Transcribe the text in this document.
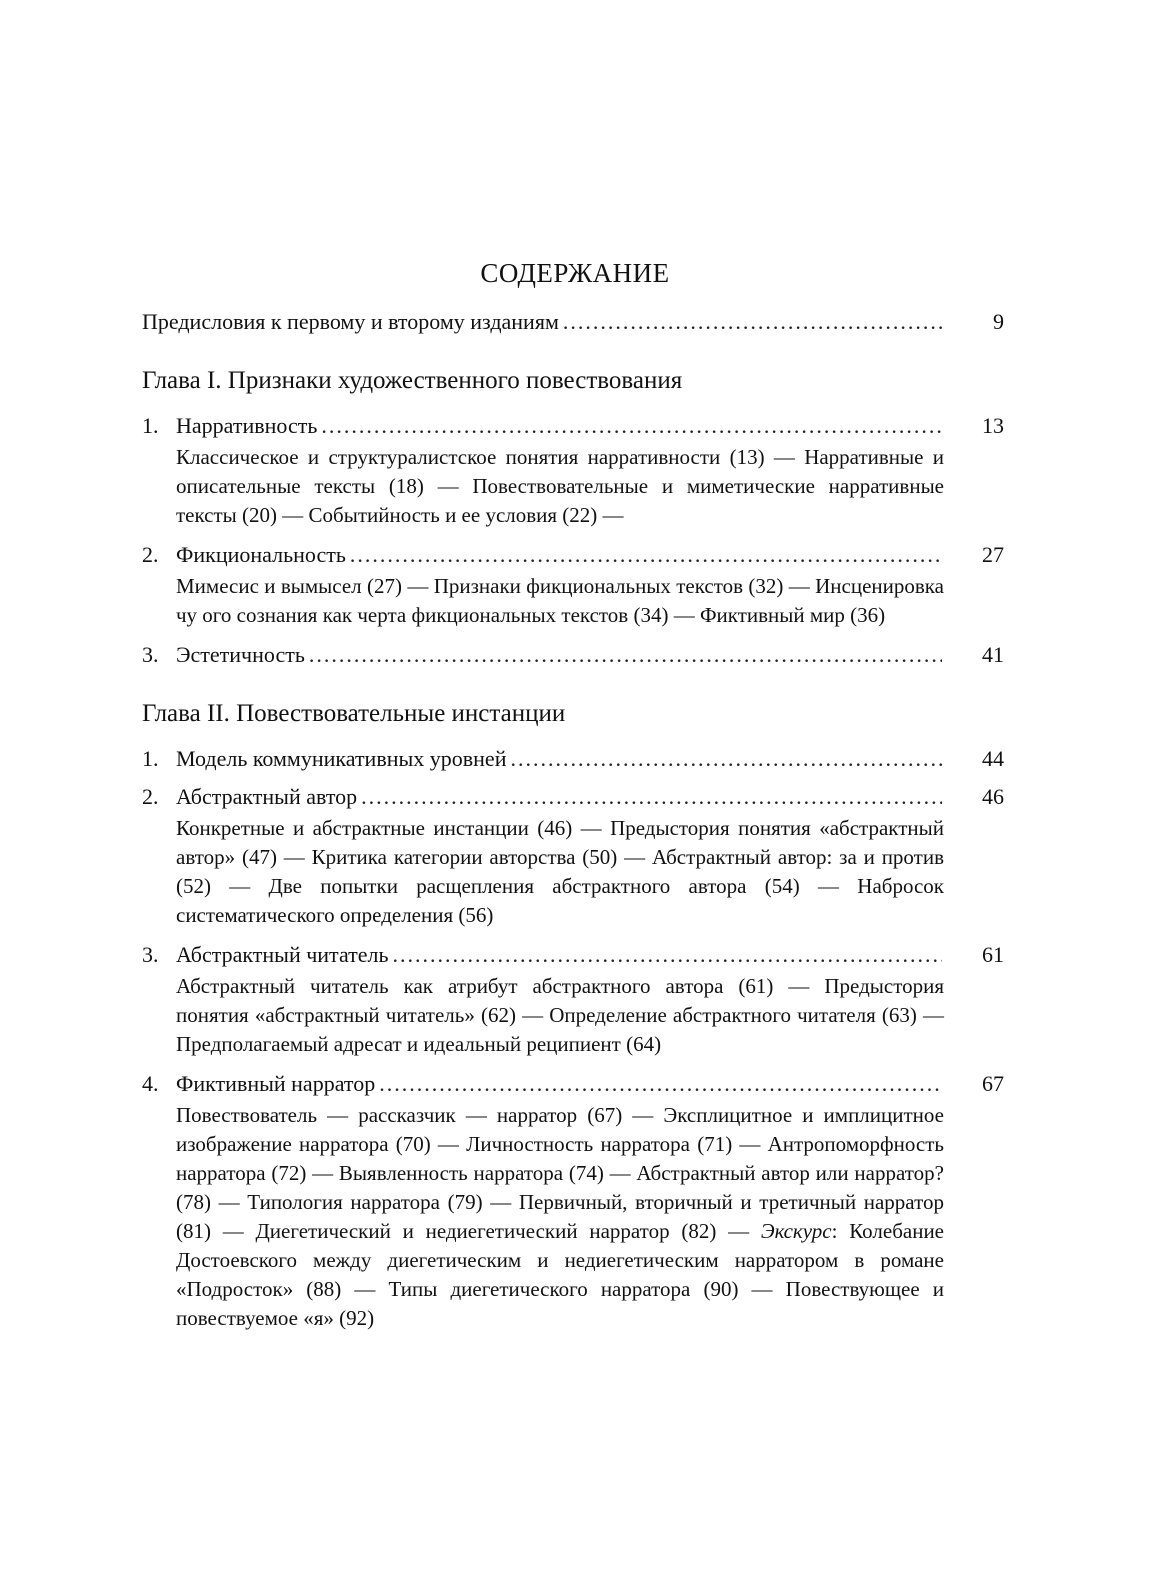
СОДЕРЖАНИЕ
Предисловия к первому и второму изданиям .....	9
Глава I. Признаки художественного повествования
1. Нарративность .....	13
Классическое и структуралистское понятия нарративности (13) — Нарративные и описательные тексты (18) — Повествовательные и миметические нарративные тексты (20) — Событийность и ее условия (22) —
2. Фикциональность .....	27
Мимесис и вымысел (27) — Признаки фикциональных текстов (32) — Инсценировка чу ого сознания как черта фикциональных текстов (34) — Фиктивный мир (36)
3. Эстетичность .....	41
Глава II. Повествовательные инстанции
1. Модель коммуникативных уровней .....	44
2. Абстрактный автор .....	46
Конкретные и абстрактные инстанции (46) — Предыстория понятия «абстрактный автор» (47) — Критика категории авторства (50) — Абстрактный автор: за и против (52) — Две попытки расщепления абстрактного автора (54) — Набросок систематического определения (56)
3. Абстрактный читатель .....	61
Абстрактный читатель как атрибут абстрактного автора (61) — Предыстория понятия «абстрактный читатель» (62) — Определение абстрактного читателя (63) — Предполагаемый адресат и идеальный реципиент (64)
4. Фиктивный нарратор .....	67
Повествователь — рассказчик — нарратор (67) — Эксплицитное и имплицитное изображение нарратора (70) — Личностность нарратора (71) — Антропоморфность нарратора (72) — Выявленность нарратора (74) — Абстрактный автор или нарратор? (78) — Типология нарратора (79) — Первичный, вторичный и третичный нарратор (81) — Диегетический и недиегетический нарратор (82) — Экскурс: Колебание Достоевского между диегетическим и недиегетическим нарратором в романе «Подросток» (88) — Типы диегетического нарратора (90) — Повествующее и повествуемое «я» (92)
